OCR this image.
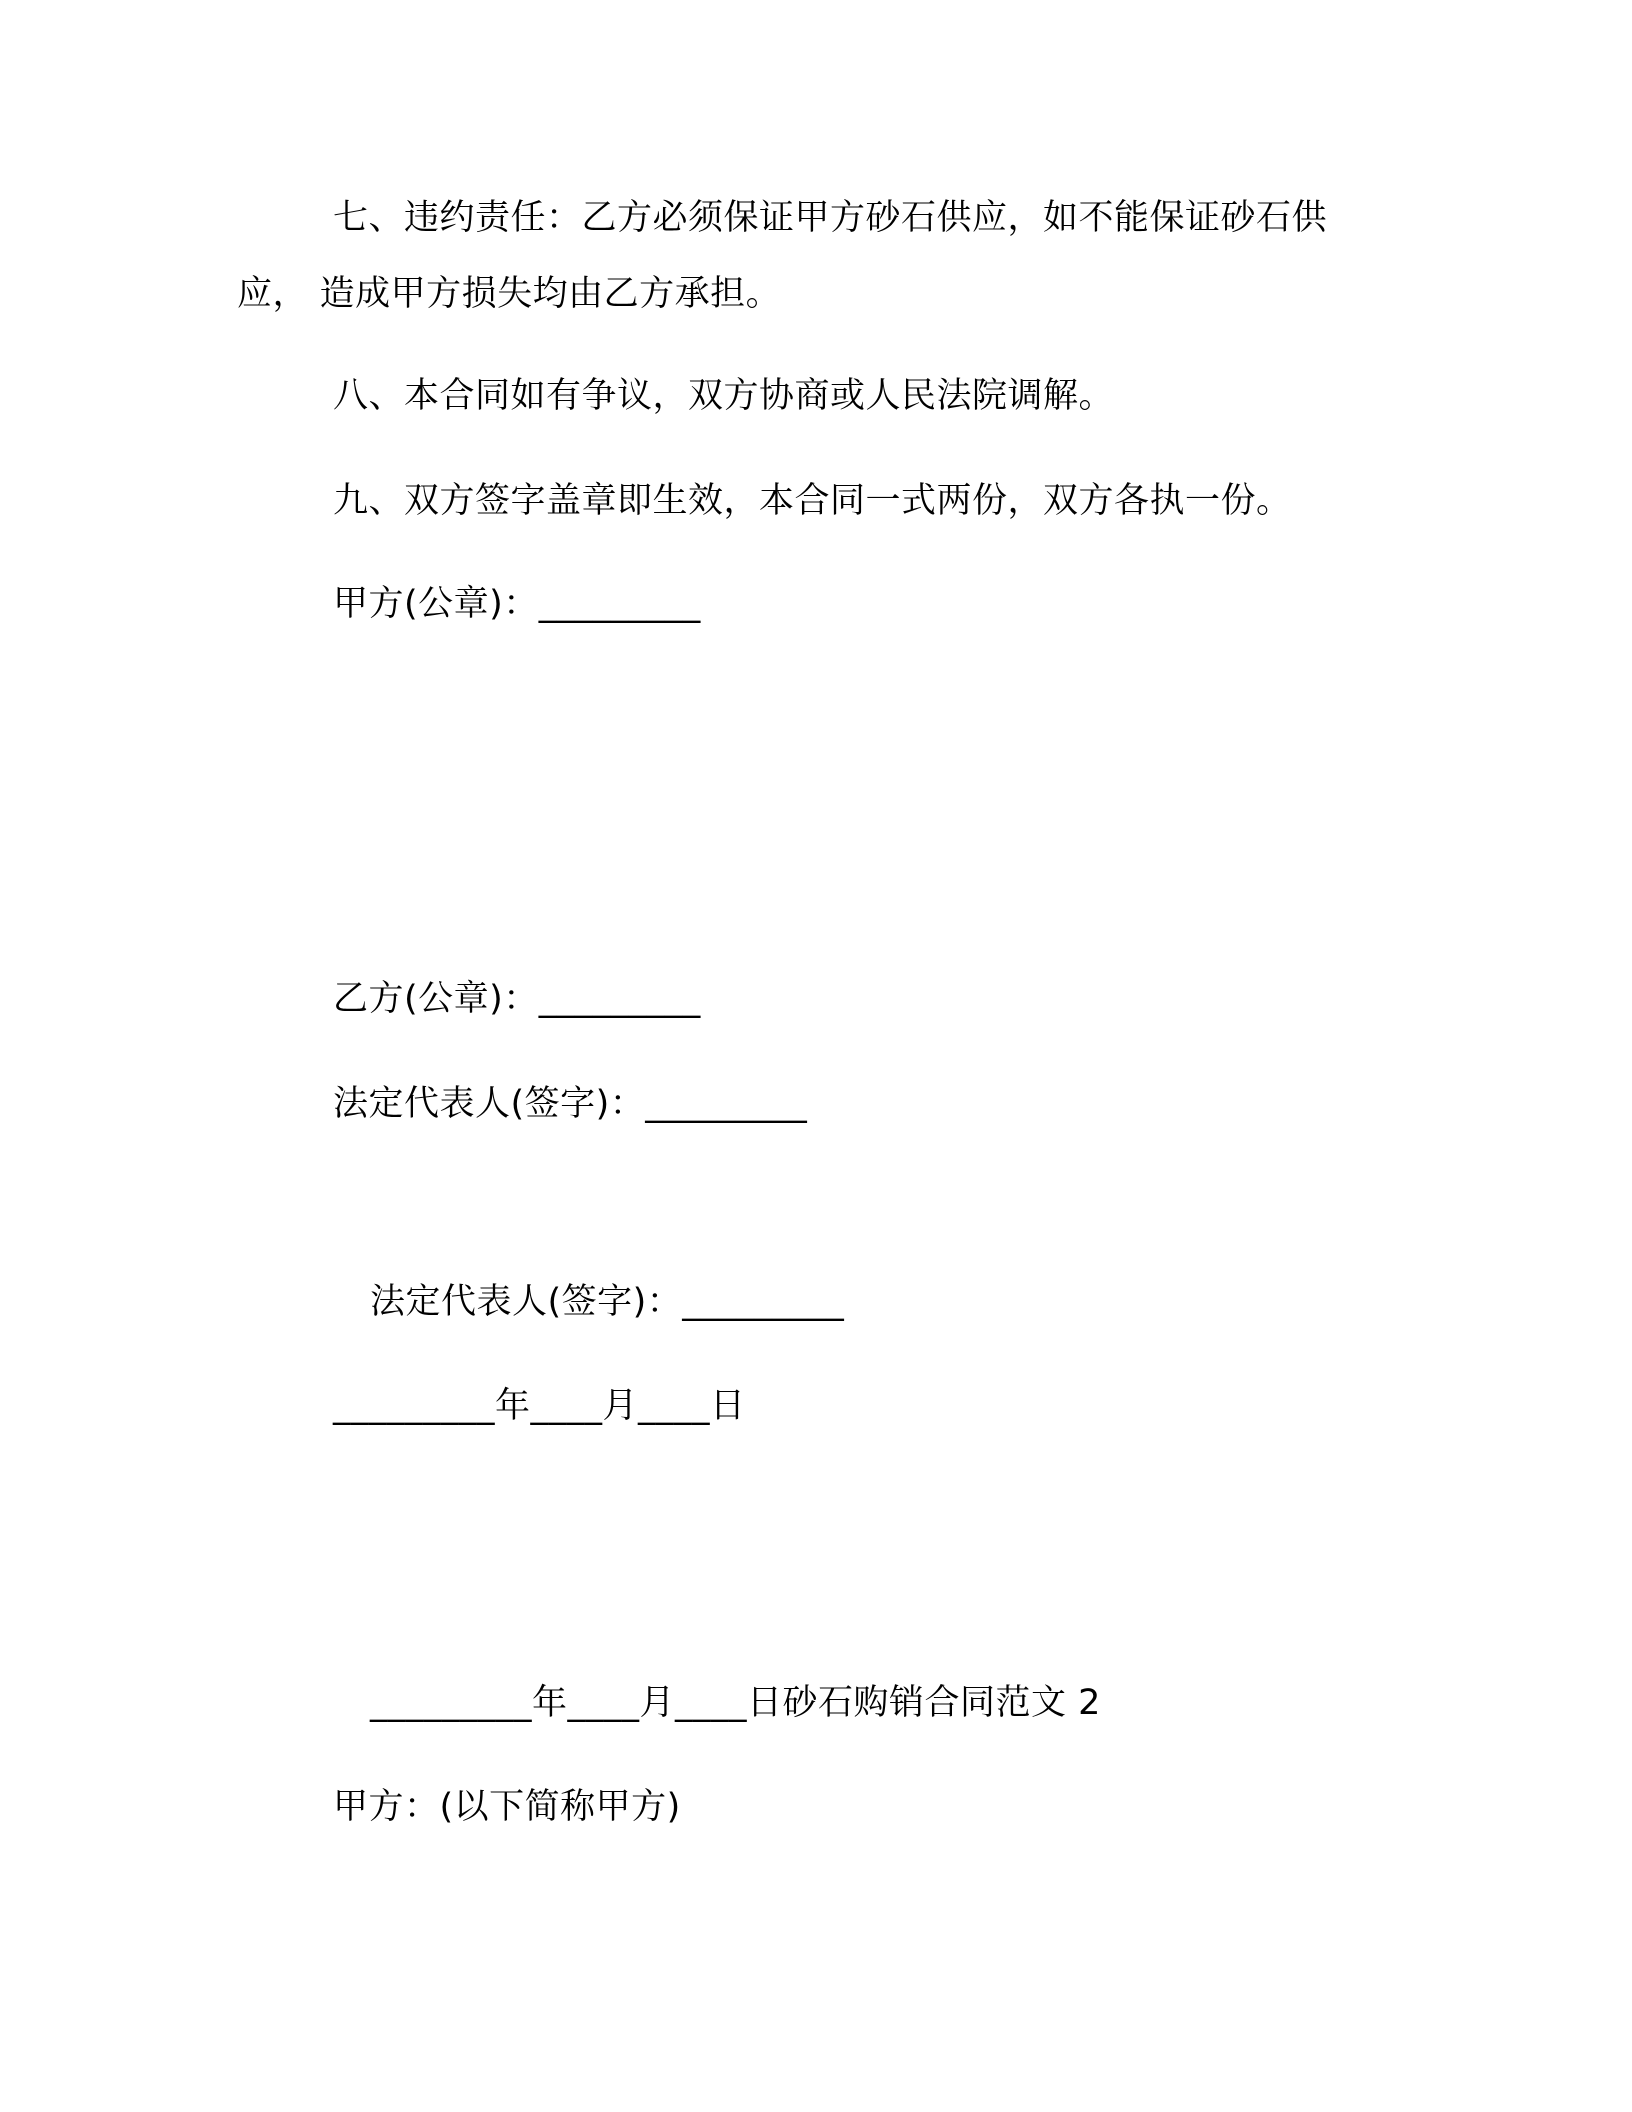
七、违约责任：乙方必须保证甲方砂石供应，如不能保证砂石供
应， 造成甲方损失均由乙方承担。
八、本合同如有争议，双方协商或人民法院调解。
九、双方签字盖章即生效，本合同一式两份，双方各执一份。
甲方(公章)：_________
乙方(公章)：_________
法定代表人(签字)：_________
法定代表人(签字)：_________
_________年____月____日
_________年____月____日砂石购销合同范文 2
甲方：(以下简称甲方)
